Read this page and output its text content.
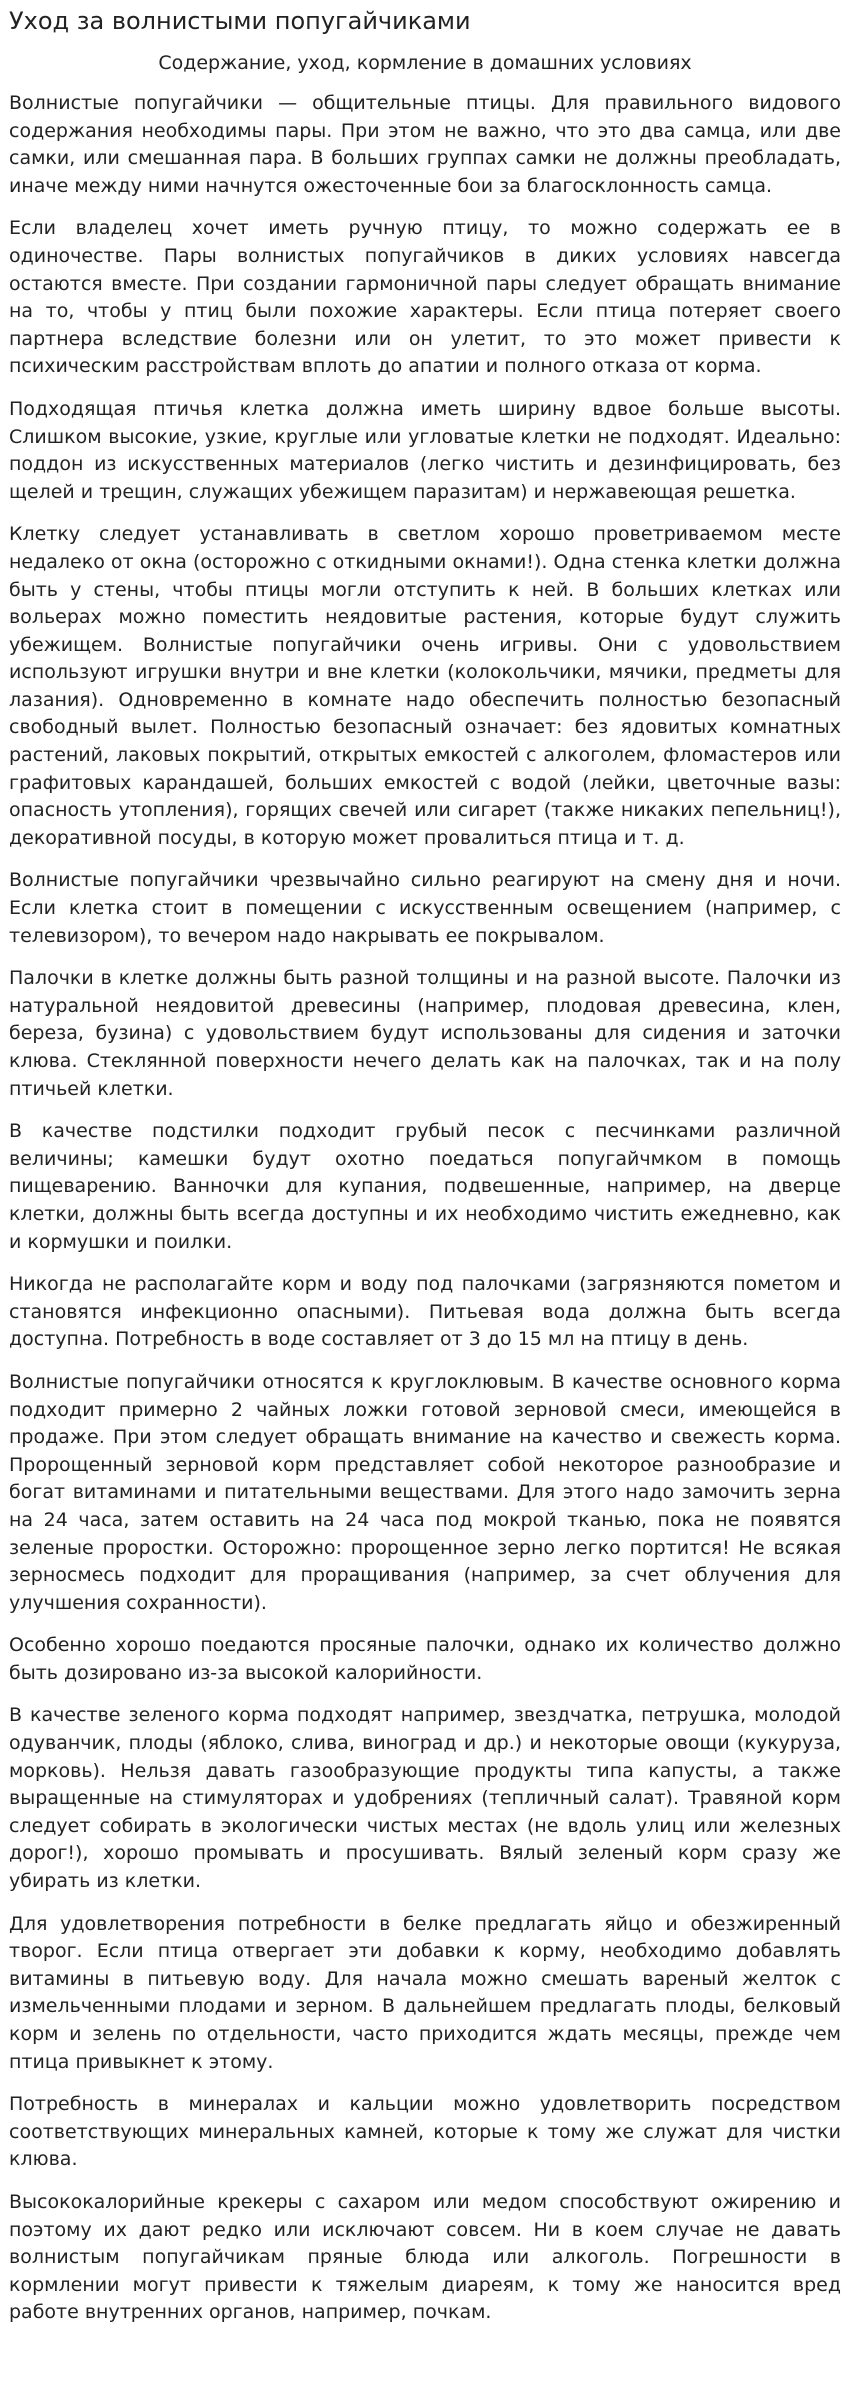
Уход за волнистыми попугайчиками
Содержание, уход, кормление в домашних условиях

Волнистые попугайчики — общительные птицы. Для правильного видового содержания необходимы пары. При этом не важно, что это два самца, или две самки, или смешанная пара. В больших группах самки не должны преобладать, иначе между ними начнутся ожесточенные бои за благосклонность самца.

Если владелец хочет иметь ручную птицу, то можно содержать ее в одиночестве. Пары волнистых попугайчиков в диких условиях навсегда остаются вместе. При создании гармоничной пары следует обращать внимание на то, чтобы у птиц были похожие характеры. Если птица потеряет своего партнера вследствие болезни или он улетит, то это может привести к психическим расстройствам вплоть до апатии и полного отказа от корма.

Подходящая птичья клетка должна иметь ширину вдвое больше высоты. Слишком высокие, узкие, круглые или угловатые клетки не подходят. Идеально: поддон из искусственных материалов (легко чистить и дезинфицировать, без щелей и трещин, служащих убежищем паразитам) и нержавеющая решетка.

Клетку следует устанавливать в светлом хорошо проветриваемом месте недалеко от окна (осторожно с откидными окнами!). Одна стенка клетки должна быть у стены, чтобы птицы могли отступить к ней. В больших клетках или вольерах можно поместить неядовитые растения, которые будут служить убежищем. Волнистые попугайчики очень игривы. Они с удовольствием используют игрушки внутри и вне клетки (колокольчики, мячики, предметы для лазания). Одновременно в комнате надо обеспечить полностью безопасный свободный вылет. Полностью безопасный означает: без ядовитых комнатных растений, лаковых покрытий, открытых емкостей с алкоголем, фломастеров или графитовых карандашей, больших емкостей с водой (лейки, цветочные вазы: опасность утопления), горящих свечей или сигарет (также никаких пепельниц!), декоративной посуды, в которую может провалиться птица и т. д.

Волнистые попугайчики чрезвычайно сильно реагируют на смену дня и ночи. Если клетка стоит в помещении с искусственным освещением (например, с телевизором), то вечером надо накрывать ее покрывалом.

Палочки в клетке должны быть разной толщины и на разной высоте. Палочки из натуральной неядовитой древесины (например, плодовая древесина, клен, береза, бузина) с удовольствием будут использованы для сидения и заточки клюва. Стеклянной поверхности нечего делать как на палочках, так и на полу птичьей клетки.

В качестве подстилки подходит грубый песок с песчинками различной величины; камешки будут охотно поедаться попугайчмком в помощь пищеварению. Ванночки для купания, подвешенные, например, на дверце клетки, должны быть всегда доступны и их необходимо чистить ежедневно, как и кормушки и поилки.

Никогда не располагайте корм и воду под палочками (загрязняются пометом и становятся инфекционно опасными). Питьевая вода должна быть всегда доступна. Потребность в воде составляет от 3 до 15 мл на птицу в день.

Волнистые попугайчики относятся к круглоклювым. В качестве основного корма подходит примерно 2 чайных ложки готовой зерновой смеси, имеющейся в продаже. При этом следует обращать внимание на качество и свежесть корма. Пророщенный зерновой корм представляет собой некоторое разнообразие и богат витаминами и питательными веществами. Для этого надо замочить зерна на 24 часа, затем оставить на 24 часа под мокрой тканью, пока не появятся зеленые проростки. Осторожно: пророщенное зерно легко портится! Не всякая зерносмесь подходит для проращивания (например, за счет облучения для улучшения сохранности).

Особенно хорошо поедаются просяные палочки, однако их количество должно быть дозировано из-за высокой калорийности.

В качестве зеленого корма подходят например, звездчатка, петрушка, молодой одуванчик, плоды (яблоко, слива, виноград и др.) и некоторые овощи (кукуруза, морковь). Нельзя давать газообразующие продукты типа капусты, а также выращенные на стимуляторах и удобрениях (тепличный салат). Травяной корм следует собирать в экологически чистых местах (не вдоль улиц или железных дорог!), хорошо промывать и просушивать. Вялый зеленый корм сразу же убирать из клетки.

Для удовлетворения потребности в белке предлагать яйцо и обезжиренный творог. Если птица отвергает эти добавки к корму, необходимо добавлять витамины в питьевую воду. Для начала можно смешать вареный желток с измельченными плодами и зерном. В дальнейшем предлагать плоды, белковый корм и зелень по отдельности, часто приходится ждать месяцы, прежде чем птица привыкнет к этому.

Потребность в минералах и кальции можно удовлетворить посредством соответствующих минеральных камней, которые к тому же служат для чистки клюва.

Высококалорийные крекеры с сахаром или медом способствуют ожирению и поэтому их дают редко или исключают совсем. Ни в коем случае не давать волнистым попугайчикам пряные блюда или алкоголь. Погрешности в кормлении могут привести к тяжелым диареям, к тому же наносится вред работе внутренних органов, например, почкам.
